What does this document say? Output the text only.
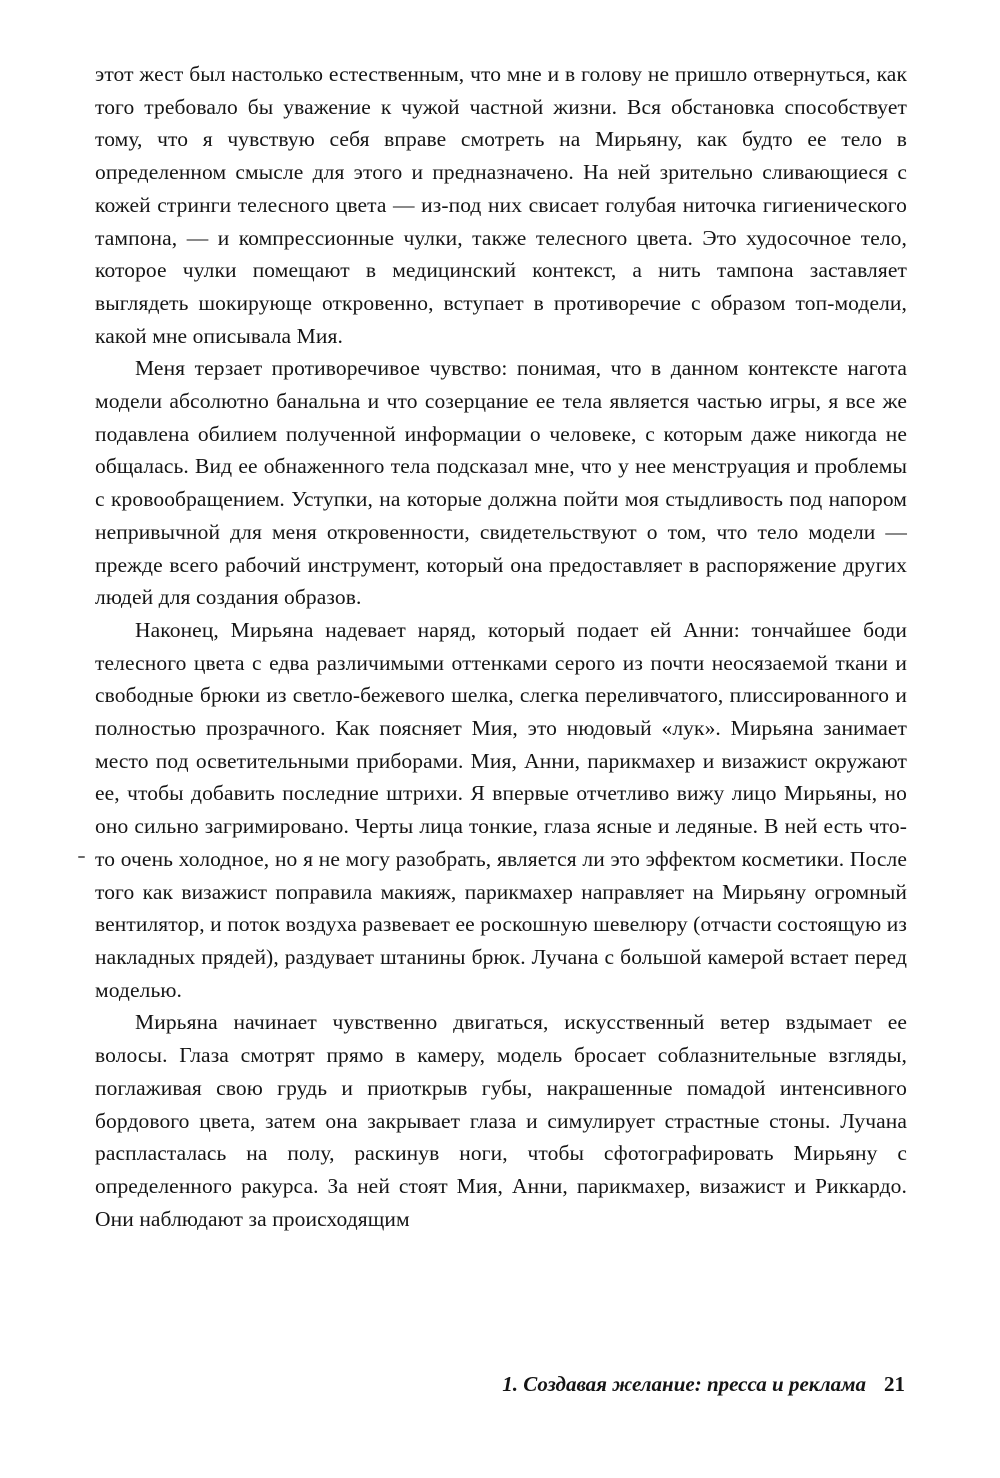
этот жест был настолько естественным, что мне и в голову не пришло отвернуться, как того требовало бы уважение к чужой частной жизни. Вся обстановка способствует тому, что я чувствую себя вправе смотреть на Мирьяну, как будто ее тело в определенном смысле для этого и предназначено. На ней зрительно сливающиеся с кожей стринги телесного цвета — из-под них свисает голубая ниточка гигиенического тампона, — и компрессионные чулки, также телесного цвета. Это худосочное тело, которое чулки помещают в медицинский контекст, а нить тампона заставляет выглядеть шокирующе откровенно, вступает в противоречие с образом топ-модели, какой мне описывала Мия.

Меня терзает противоречивое чувство: понимая, что в данном контексте нагота модели абсолютно банальна и что созерцание ее тела является частью игры, я все же подавлена обилием полученной информации о человеке, с которым даже никогда не общалась. Вид ее обнаженного тела подсказал мне, что у нее менструация и проблемы с кровообращением. Уступки, на которые должна пойти моя стыдливость под напором непривычной для меня откровенности, свидетельствуют о том, что тело модели — прежде всего рабочий инструмент, который она предоставляет в распоряжение других людей для создания образов.

Наконец, Мирьяна надевает наряд, который подает ей Анни: тончайшее боди телесного цвета с едва различимыми оттенками серого из почти неосязаемой ткани и свободные брюки из светло-бежевого шелка, слегка переливчатого, плиссированного и полностью прозрачного. Как поясняет Мия, это нюдовый «лук». Мирьяна занимает место под осветительными приборами. Мия, Анни, парикмахер и визажист окружают ее, чтобы добавить последние штрихи. Я впервые отчетливо вижу лицо Мирьяны, но оно сильно загримировано. Черты лица тонкие, глаза ясные и ледяные. В ней есть что-то очень холодное, но я не могу разобрать, является ли это эффектом косметики. После того как визажист поправила макияж, парикмахер направляет на Мирьяну огромный вентилятор, и поток воздуха развевает ее роскошную шевелюру (отчасти состоящую из накладных прядей), раздувает штанины брюк. Лучана с большой камерой встает перед моделью.

Мирьяна начинает чувственно двигаться, искусственный ветер вздымает ее волосы. Глаза смотрят прямо в камеру, модель бросает соблазнительные взгляды, поглаживая свою грудь и приоткрыв губы, накрашенные помадой интенсивного бордового цвета, затем она закрывает глаза и симулирует страстные стоны. Лучана распласталась на полу, раскинув ноги, чтобы сфотографировать Мирьяну с определенного ракурса. За ней стоят Мия, Анни, парикмахер, визажист и Риккардо. Они наблюдают за происходящим

1. Создавая желание: пресса и реклама 21
